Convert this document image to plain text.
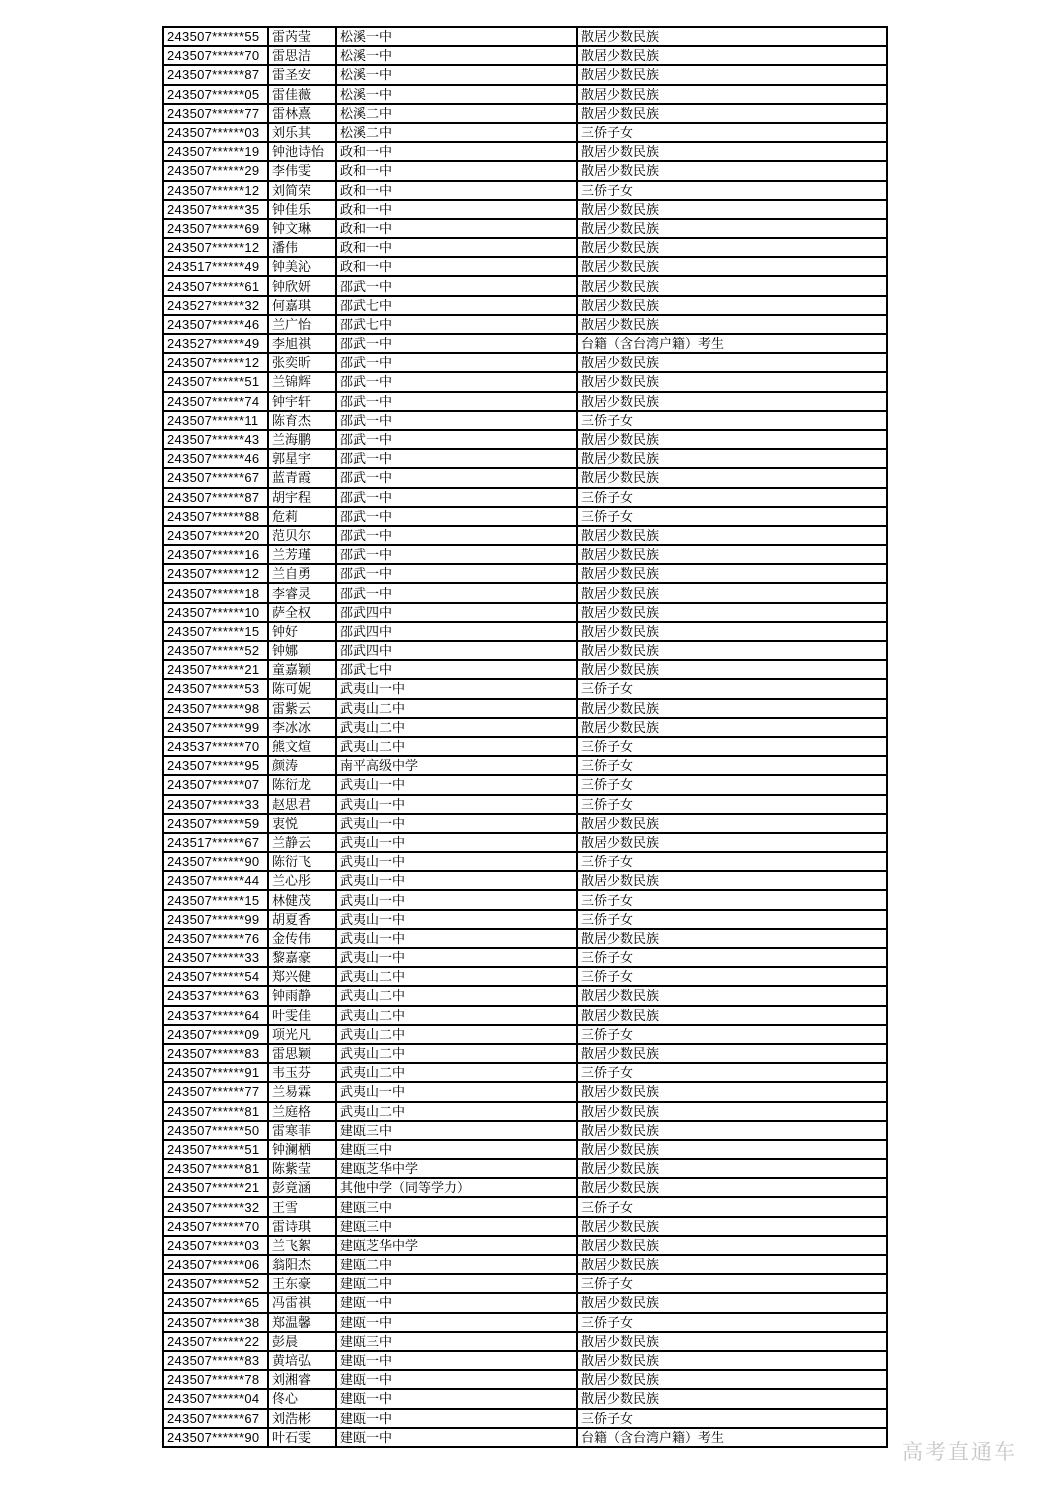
243507******55	雷芮莹	松溪一中	散居少数民族
243507******70	雷思洁	松溪一中	散居少数民族
243507******87	雷圣安	松溪一中	散居少数民族
243507******05	雷佳薇	松溪一中	散居少数民族
243507******77	雷林熹	松溪二中	散居少数民族
243507******03	刘乐其	松溪二中	三侨子女
243507******19	钟池诗怡	政和一中	散居少数民族
243507******29	李伟雯	政和一中	散居少数民族
243507******12	刘简荣	政和一中	三侨子女
243507******35	钟佳乐	政和一中	散居少数民族
243507******69	钟文琳	政和一中	散居少数民族
243507******12	潘伟	政和一中	散居少数民族
243517******49	钟美沁	政和一中	散居少数民族
243507******61	钟欣妍	邵武一中	散居少数民族
243527******32	何嘉琪	邵武七中	散居少数民族
243507******46	兰广怡	邵武七中	散居少数民族
243527******49	李旭祺	邵武一中	台籍（含台湾户籍）考生
243507******12	张奕昕	邵武一中	散居少数民族
243507******51	兰锦辉	邵武一中	散居少数民族
243507******74	钟宇轩	邵武一中	散居少数民族
243507******11	陈育杰	邵武一中	三侨子女
243507******43	兰海鹏	邵武一中	散居少数民族
243507******46	郭星宇	邵武一中	散居少数民族
243507******67	蓝青霞	邵武一中	散居少数民族
243507******87	胡宇程	邵武一中	三侨子女
243507******88	危莉	邵武一中	三侨子女
243507******20	范贝尔	邵武一中	散居少数民族
243507******16	兰芳瑾	邵武一中	散居少数民族
243507******12	兰自勇	邵武一中	散居少数民族
243507******18	李睿灵	邵武一中	散居少数民族
243507******10	萨全权	邵武四中	散居少数民族
243507******15	钟好	邵武四中	散居少数民族
243507******52	钟娜	邵武四中	散居少数民族
243507******21	童嘉颖	邵武七中	散居少数民族
243507******53	陈可妮	武夷山一中	三侨子女
243507******98	雷紫云	武夷山二中	散居少数民族
243507******99	李冰冰	武夷山二中	散居少数民族
243537******70	熊文煊	武夷山二中	三侨子女
243507******95	颜涛	南平高级中学	三侨子女
243507******07	陈衍龙	武夷山一中	三侨子女
243507******33	赵思君	武夷山一中	三侨子女
243507******59	衷悦	武夷山一中	散居少数民族
243517******67	兰静云	武夷山一中	散居少数民族
243507******90	陈衍飞	武夷山一中	三侨子女
243507******44	兰心彤	武夷山一中	散居少数民族
243507******15	林健茂	武夷山一中	三侨子女
243507******99	胡夏香	武夷山一中	三侨子女
243507******76	金传伟	武夷山一中	散居少数民族
243507******33	黎嘉豪	武夷山一中	三侨子女
243507******54	郑兴健	武夷山二中	三侨子女
243537******63	钟雨静	武夷山二中	散居少数民族
243537******64	叶雯佳	武夷山二中	散居少数民族
243507******09	项光凡	武夷山二中	三侨子女
243507******83	雷思颖	武夷山二中	散居少数民族
243507******91	韦玉芬	武夷山二中	三侨子女
243507******77	兰易霖	武夷山一中	散居少数民族
243507******81	兰庭格	武夷山二中	散居少数民族
243507******50	雷寒菲	建瓯三中	散居少数民族
243507******51	钟澜栖	建瓯三中	散居少数民族
243507******81	陈紫莹	建瓯芝华中学	散居少数民族
243507******21	彭竟涵	其他中学（同等学力）	散居少数民族
243507******32	王雪	建瓯三中	三侨子女
243507******70	雷诗琪	建瓯三中	散居少数民族
243507******03	兰飞絮	建瓯芝华中学	散居少数民族
243507******06	翁阳杰	建瓯二中	散居少数民族
243507******52	王东豪	建瓯二中	三侨子女
243507******65	冯雷祺	建瓯一中	散居少数民族
243507******38	郑温馨	建瓯一中	三侨子女
243507******22	彭晨	建瓯三中	散居少数民族
243507******83	黄培弘	建瓯一中	散居少数民族
243507******78	刘湘睿	建瓯一中	散居少数民族
243507******04	佟心	建瓯一中	散居少数民族
243507******67	刘浩彬	建瓯一中	三侨子女
243507******90	叶石雯	建瓯一中	台籍（含台湾户籍）考生
高考直通车
